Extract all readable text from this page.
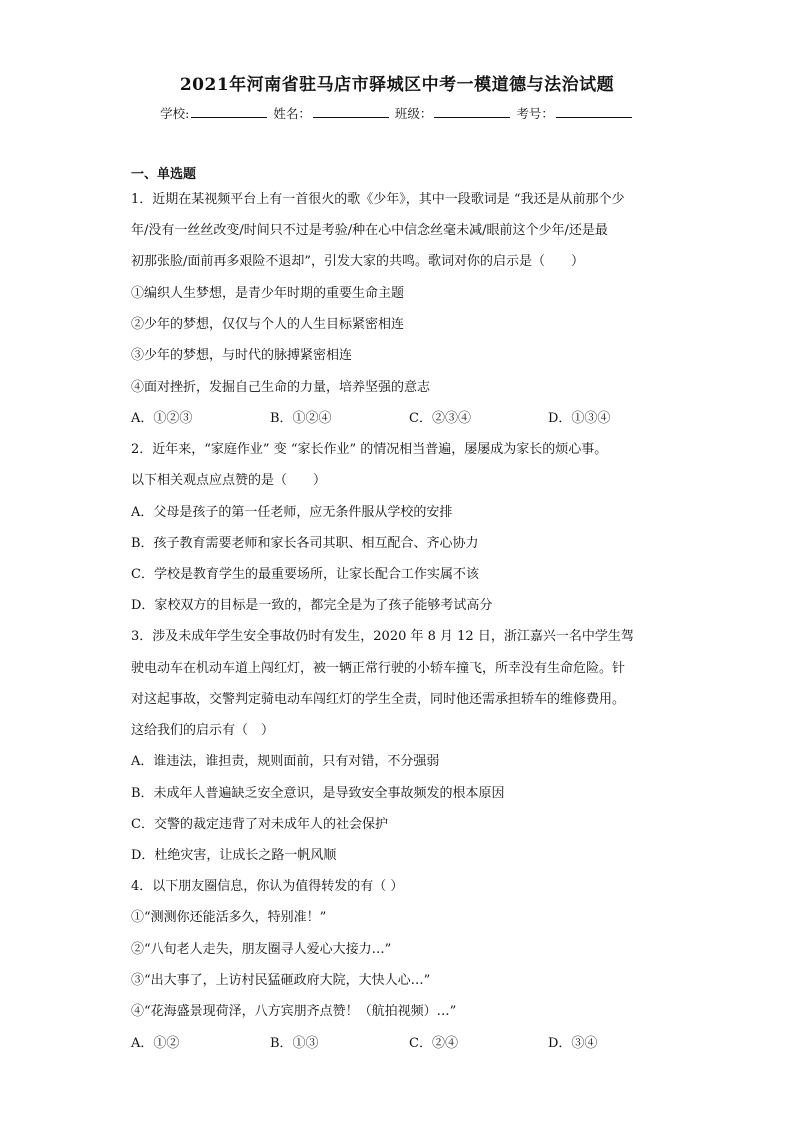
2021年河南省驻马店市驿城区中考一模道德与法治试题
学校:	姓名：	班级：	考号：
一、单选题
1．近期在某视频平台上有一首很火的歌《少年》，其中一段歌词是 “我还是从前那个少
年/没有一丝丝改变/时间只不过是考验/种在心中信念丝毫未减/眼前这个少年/还是最
初那张脸/面前再多艰险不退却”，引发大家的共鸣。歌词对你的启示是（　　）
①编织人生梦想，是青少年时期的重要生命主题
②少年的梦想，仅仅与个人的人生目标紧密相连
③少年的梦想，与时代的脉搏紧密相连
④面对挫折，发掘自己生命的力量，培养坚强的意志
A．①②③	B．①②④	C．②③④	D．①③④
2．近年来，“家庭作业” 变 “家长作业” 的情况相当普遍，屡屡成为家长的烦心事。
以下相关观点应点赞的是（　　）
A．父母是孩子的第一任老师，应无条件服从学校的安排
B．孩子教育需要老师和家长各司其职、相互配合、齐心协力
C．学校是教育学生的最重要场所，让家长配合工作实属不该
D．家校双方的目标是一致的，都完全是为了孩子能够考试高分
3．涉及未成年学生安全事故仍时有发生，2020 年 8 月 12 日，浙江嘉兴一名中学生驾
驶电动车在机动车道上闯红灯，被一辆正常行驶的小轿车撞飞，所幸没有生命危险。针
对这起事故，交警判定骑电动车闯红灯的学生全责，同时他还需承担轿车的维修费用。
这给我们的启示有（　）
A．谁违法，谁担责，规则面前，只有对错，不分强弱
B．未成年人普遍缺乏安全意识，是导致安全事故频发的根本原因
C．交警的裁定违背了对未成年人的社会保护
D．杜绝灾害，让成长之路一帆风顺
4．以下朋友圈信息，你认为值得转发的有（ ）
①“测测你还能活多久，特别准！”
②“八旬老人走失，朋友圈寻人爱心大接力…”
③“出大事了，上访村民猛砸政府大院，大快人心…”
④“花海盛景现荷泽，八方宾朋齐点赞！（航拍视频）…”
A．①②	B．①③	C．②④	D．③④
